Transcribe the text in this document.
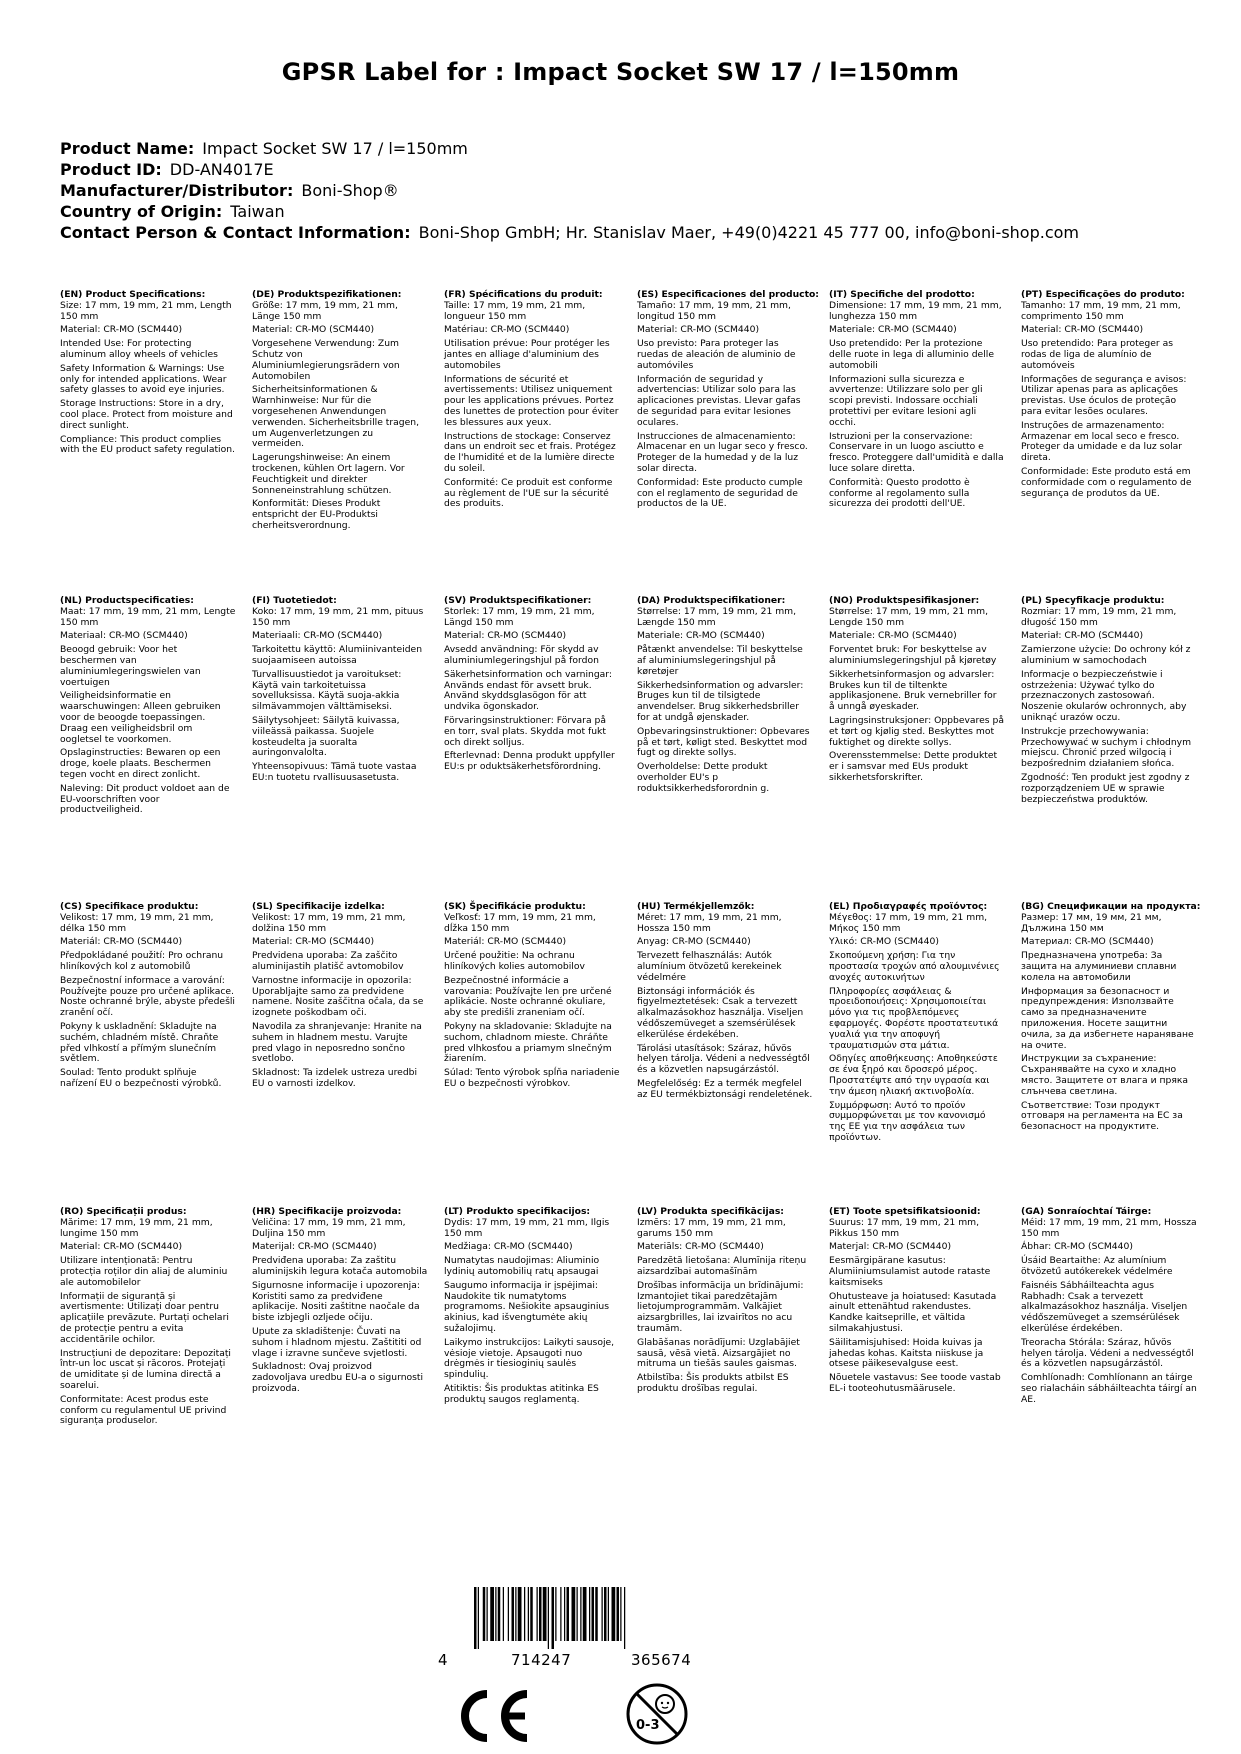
GPSR Label for : Impact Socket SW 17 / l=150mm
Product Name: Impact Socket SW 17 / l=150mm
Product ID: DD-AN4017E
Manufacturer/Distributor: Boni-Shop®
Country of Origin: Taiwan
Contact Person & Contact Information: Boni-Shop GmbH; Hr. Stanislav Maer, +49(0)4221 45 777 00, info@boni-shop.com
(EN) Product Specifications:
Size: 17 mm, 19 mm, 21 mm, Length 150 mm
Material: CR-MO (SCM440)
Intended Use: For protecting aluminum alloy wheels of vehicles
Safety Information & Warnings: Use only for intended applications. Wear safety glasses to avoid eye injuries.
Storage Instructions: Store in a dry, cool place. Protect from moisture and direct sunlight.
Compliance: This product complies with the EU product safety regulation.
(DE) Produktspezifikationen:
Größe: 17 mm, 19 mm, 21 mm, Länge 150 mm
Material: CR-MO (SCM440)
Vorgesehene Verwendung: Zum Schutz von Aluminiumlegierungsrädern von Automobilen
Sicherheitsinformationen & Warnhinweise: Nur für die vorgesehenen Anwendungen verwenden. Sicherheitsbrille tragen, um Augenverletzungen zu vermeiden.
Lagerungshinweise: An einem trockenen, kühlen Ort lagern. Vor Feuchtigkeit und direkter Sonneneinstrahlung schützen.
Konformität: Dieses Produkt entspricht der EU-Produktsi cherheitsverordnung.
(FR) Spécifications du produit:
Taille: 17 mm, 19 mm, 21 mm, longueur 150 mm
Matériau: CR-MO (SCM440)
Utilisation prévue: Pour protéger les jantes en alliage d'aluminium des automobiles
Informations de sécurité et avertissements: Utilisez uniquement pour les applications prévues. Portez des lunettes de protection pour éviter les blessures aux yeux.
Instructions de stockage: Conservez dans un endroit sec et frais. Protégez de l'humidité et de la lumière directe du soleil.
Conformité: Ce produit est conforme au règlement de l'UE sur la sécurité des produits.
(ES) Especificaciones del producto:
Tamaño: 17 mm, 19 mm, 21 mm, longitud 150 mm
Material: CR-MO (SCM440)
Uso previsto: Para proteger las ruedas de aleación de aluminio de automóviles
Información de seguridad y advertencias: Utilizar solo para las aplicaciones previstas. Llevar gafas de seguridad para evitar lesiones oculares.
Instrucciones de almacenamiento: Almacenar en un lugar seco y fresco. Proteger de la humedad y de la luz solar directa.
Conformidad: Este producto cumple con el reglamento de seguridad de productos de la UE.
(IT) Specifiche del prodotto:
Dimensione: 17 mm, 19 mm, 21 mm, lunghezza 150 mm
Materiale: CR-MO (SCM440)
Uso pretendido: Per la protezione delle ruote in lega di alluminio delle automobili
Informazioni sulla sicurezza e avvertenze: Utilizzare solo per gli scopi previsti. Indossare occhiali protettivi per evitare lesioni agli occhi.
Istruzioni per la conservazione: Conservare in un luogo asciutto e fresco. Proteggere dall'umidità e dalla luce solare diretta.
Conformità: Questo prodotto è conforme al regolamento sulla sicurezza dei prodotti dell'UE.
(PT) Especificações do produto:
Tamanho: 17 mm, 19 mm, 21 mm, comprimento 150 mm
Material: CR-MO (SCM440)
Uso pretendido: Para proteger as rodas de liga de alumínio de automóveis
Informações de segurança e avisos: Utilizar apenas para as aplicações previstas. Use óculos de proteção para evitar lesões oculares.
Instruções de armazenamento: Armazenar em local seco e fresco. Proteger da umidade e da luz solar direta.
Conformidade: Este produto está em conformidade com o regulamento de segurança de produtos da UE.
(NL) Productspecificaties:
Maat: 17 mm, 19 mm, 21 mm, Lengte 150 mm
Materiaal: CR-MO (SCM440)
Beoogd gebruik: Voor het beschermen van aluminiumlegeringswielen van voertuigen
Veiligheidsinformatie en waarschuwingen: Alleen gebruiken voor de beoogde toepassingen. Draag een veiligheidsbril om oogletsel te voorkomen.
Opslaginstructies: Bewaren op een droge, koele plaats. Beschermen tegen vocht en direct zonlicht.
Naleving: Dit product voldoet aan de EU-voorschriften voor productveiligheid.
(FI) Tuotetiedot:
Koko: 17 mm, 19 mm, 21 mm, pituus 150 mm
Materiaali: CR-MO (SCM440)
Tarkoitettu käyttö: Alumiinivanteiden suojaamiseen autoissa
Turvallisuustiedot ja varoitukset: Käytä vain tarkoitetuissa sovelluksissa. Käytä suoja-akkia silmävammojen välttämiseksi.
Säilytysohjeet: Säilytä kuivassa, viileässä paikassa. Suojele kosteudelta ja suoralta auringonvalolta.
Yhteensopivuus: Tämä tuote vastaa EU:n tuotetu rvallisuusasetusta.
(SV) Produktspecifikationer:
Storlek: 17 mm, 19 mm, 21 mm, Längd 150 mm
Material: CR-MO (SCM440)
Avsedd användning: För skydd av aluminiumlegeringshjul på fordon
Säkerhetsinformation och varningar: Används endast för avsett bruk. Använd skyddsglasögon för att undvika ögonskador.
Förvaringsinstruktioner: Förvara på en torr, sval plats. Skydda mot fukt och direkt solljus.
Efterlevnad: Denna produkt uppfyller EU:s pr oduktsäkerhetsförordning.
(DA) Produktspecifikationer:
Størrelse: 17 mm, 19 mm, 21 mm, Længde 150 mm
Materiale: CR-MO (SCM440)
Påtænkt anvendelse: Til beskyttelse af aluminiumslegeringshjul på køretøjer
Sikkerhedsinformation og advarsler: Bruges kun til de tilsigtede anvendelser. Brug sikkerhedsbriller for at undgå øjenskader.
Opbevaringsinstruktioner: Opbevares på et tørt, køligt sted. Beskyttet mod fugt og direkte sollys.
Overholdelse: Dette produkt overholder EU's p roduktsikkerhedsforordnin g.
(NO) Produktspesifikasjoner:
Størrelse: 17 mm, 19 mm, 21 mm, Lengde 150 mm
Materiale: CR-MO (SCM440)
Forventet bruk: For beskyttelse av aluminiumslegeringshjul på kjøretøy
Sikkerhetsinformasjon og advarsler: Brukes kun til de tiltenkte applikasjonene. Bruk vernebriller for å unngå øyeskader.
Lagringsinstruksjoner: Oppbevares på et tørt og kjølig sted. Beskyttes mot fuktighet og direkte sollys.
Overensstemmelse: Dette produktet er i samsvar med EUs produkt sikkerhetsforskrifter.
(PL) Specyfikacje produktu:
Rozmiar: 17 mm, 19 mm, 21 mm, długość 150 mm
Materiał: CR-MO (SCM440)
Zamierzone użycie: Do ochrony kół z aluminium w samochodach
Informacje o bezpieczeństwie i ostrzeżenia: Używać tylko do przeznaczonych zastosowań. Noszenie okularów ochronnych, aby uniknąć urazów oczu.
Instrukcje przechowywania: Przechowywać w suchym i chłodnym miejscu. Chronić przed wilgocią i bezpośrednim działaniem słońca.
Zgodność: Ten produkt jest zgodny z rozporządzeniem UE w sprawie bezpieczeństwa produktów.
(CS) Specifikace produktu:
Velikost: 17 mm, 19 mm, 21 mm, délka 150 mm
Materiál: CR-MO (SCM440)
Předpokládané použití: Pro ochranu hliníkových kol z automobilů
Bezpečnostní informace a varování: Používejte pouze pro určené aplikace. Noste ochranné brýle, abyste předešli zranění očí.
Pokyny k uskladnění: Skladujte na suchém, chladném místě. Chraňte před vlhkostí a přímým slunečním světlem.
Soulad: Tento produkt splňuje nařízení EU o bezpečnosti výrobků.
(SL) Specifikacije izdelka:
Velikost: 17 mm, 19 mm, 21 mm, dolžina 150 mm
Material: CR-MO (SCM440)
Predvidena uporaba: Za zaščito aluminijastih platišč avtomobilov
Varnostne informacije in opozorila: Uporabljajte samo za predvidene namene. Nosite zaščitna očala, da se izognete poškodbam oči.
Navodila za shranjevanje: Hranite na suhem in hladnem mestu. Varujte pred vlago in neposredno sončno svetlobo.
Skladnost: Ta izdelek ustreza uredbi EU o varnosti izdelkov.
(SK) Špecifikácie produktu:
Veľkosť: 17 mm, 19 mm, 21 mm, dĺžka 150 mm
Materiál: CR-MO (SCM440)
Určené použitie: Na ochranu hliníkových kolies automobilov
Bezpečnostné informácie a varovania: Používajte len pre určené aplikácie. Noste ochranné okuliare, aby ste predišli zraneniam očí.
Pokyny na skladovanie: Skladujte na suchom, chladnom mieste. Chráňte pred vlhkosťou a priamym slnečným žiarením.
Súlad: Tento výrobok spĺňa nariadenie EU o bezpečnosti výrobkov.
(HU) Termékjellemzők:
Méret: 17 mm, 19 mm, 21 mm, Hossza 150 mm
Anyag: CR-MO (SCM440)
Tervezett felhasználás: Autók alumínium ötvözetű kerekeinek védelmére
Biztonsági információk és figyelmeztetések: Csak a tervezett alkalmazásokhoz használja. Viseljen védőszemüveget a szemsérülések elkerülése érdekében.
Tárolási utasítások: Száraz, hűvös helyen tárolja. Védeni a nedvességtől és a közvetlen napsugárzástól.
Megfelelőség: Ez a termék megfelel az EU termékbiztonsági rendeletének.
(EL) Προδιαγραφές προϊόντος:
Μέγεθος: 17 mm, 19 mm, 21 mm, Μήκος 150 mm
Υλικό: CR-MO (SCM440)
Σκοπούμενη χρήση: Για την προστασία τροχών από αλουμινένιες ανοχές αυτοκινήτων
Πληροφορίες ασφάλειας & προειδοποιήσεις: Χρησιμοποιείται μόνο για τις προβλεπόμενες εφαρμογές. Φορέστε προστατευτικά γυαλιά για την αποφυγή τραυματισμών στα μάτια.
Οδηγίες αποθήκευσης: Αποθηκεύστε σε ένα ξηρό και δροσερό μέρος. Προστατέψτε από την υγρασία και την άμεση ηλιακή ακτινοβολία.
Συμμόρφωση: Αυτό το προϊόν συμμορφώνεται με τον κανονισμό της ΕΕ για την ασφάλεια των προϊόντων.
(BG) Спецификации на продукта:
Размер: 17 мм, 19 мм, 21 мм, Дължина 150 мм
Материал: CR-MO (SCM440)
Предназначена употреба: За защита на алуминиеви сплавни колела на автомобили
Информация за безопасност и предупреждения: Използвайте само за предназначените приложения. Носете защитни очила, за да избегнете нараняване на очите.
Инструкции за съхранение: Съхранявайте на сухо и хладно място. Защитете от влага и пряка слънчева светлина.
Съответствие: Този продукт отговаря на регламента на ЕС за безопасност на продуктите.
(RO) Specificații produs:
Mărime: 17 mm, 19 mm, 21 mm, lungime 150 mm
Material: CR-MO (SCM440)
Utilizare intenționată: Pentru protecția roților din aliaj de aluminiu ale automobilelor
Informații de siguranță și avertismente: Utilizați doar pentru aplicațiile prevăzute. Purtați ochelari de protecție pentru a evita accidentările ochilor.
Instrucțiuni de depozitare: Depozitați într-un loc uscat și răcoros. Protejați de umiditate și de lumina directă a soarelui.
Conformitate: Acest produs este conform cu regulamentul UE privind siguranța produselor.
(HR) Specifikacije proizvoda:
Veličina: 17 mm, 19 mm, 21 mm, Duljina 150 mm
Materijal: CR-MO (SCM440)
Predviđena uporaba: Za zaštitu aluminijskih legura kotača automobila
Sigurnosne informacije i upozorenja: Koristiti samo za predviđene aplikacije. Nositi zaštitne naočale da biste izbjegli ozljede očiju.
Upute za skladištenje: Čuvati na suhom i hladnom mjestu. Zaštititi od vlage i izravne sunčeve svjetlosti.
Sukladnost: Ovaj proizvod zadovoljava uredbu EU-a o sigurnosti proizvoda.
(LT) Produkto specifikacijos:
Dydis: 17 mm, 19 mm, 21 mm, Ilgis 150 mm
Medžiaga: CR-MO (SCM440)
Numatytas naudojimas: Aliuminio lydinių automobilių ratų apsaugai
Saugumo informacija ir įspėjimai: Naudokite tik numatytoms programoms. Nešiokite apsauginius akinius, kad išvengtumėte akių sužalojimų.
Laikymo instrukcijos: Laikyti sausoje, vėsioje vietoje. Apsaugoti nuo drėgmės ir tiesioginių saulės spindulių.
Atitiktis: Šis produktas atitinka ES produktų saugos reglamentą.
(LV) Produkta specifikācijas:
Izmērs: 17 mm, 19 mm, 21 mm, garums 150 mm
Materiāls: CR-MO (SCM440)
Paredzētā lietošana: Alumīnija riteņu aizsardzībai automašīnām
Drošības informācija un brīdinājumi: Izmantojiet tikai paredzētajām lietojumprogrammām. Valkājiet aizsargbrilles, lai izvairītos no acu traumām.
Glabāšanas norādījumi: Uzglabājiet sausā, vēsā vietā. Aizsargājiet no mitruma un tiešās saules gaismas.
Atbilstība: Šis produkts atbilst ES produktu drošības regulai.
(ET) Toote spetsifikatsioonid:
Suurus: 17 mm, 19 mm, 21 mm, Pikkus 150 mm
Materjal: CR-MO (SCM440)
Eesmärgipärane kasutus: Alumiiniumsulamist autode rataste kaitsmiseks
Ohutusteave ja hoiatused: Kasutada ainult ettenähtud rakendustes. Kandke kaitseprille, et vältida silmakahjustusi.
Säilitamisjuhised: Hoida kuivas ja jahedas kohas. Kaitsta niiskuse ja otsese päikesevalguse eest.
Nõuetele vastavus: See toode vastab EL-i tooteohutusmäärusele.
(GA) Sonraíochtaí Táirge:
Méid: 17 mm, 19 mm, 21 mm, Hossza 150 mm
Ábhar: CR-MO (SCM440)
Úsáid Beartaithe: Az alumínium ötvözetű autókerekek védelmére
Faisnéis Sábháilteachta agus Rabhadh: Csak a tervezett alkalmazásokhoz használja. Viseljen védőszemüveget a szemsérülések elkerülése érdekében.
Treoracha Stórála: Száraz, hűvös helyen tárolja. Védeni a nedvességtől és a közvetlen napsugárzástól.
Comhlíonadh: Comhlíonann an táirge seo rialacháin sábháilteachta táirgí an AE.
4	714247	365674
0-3
